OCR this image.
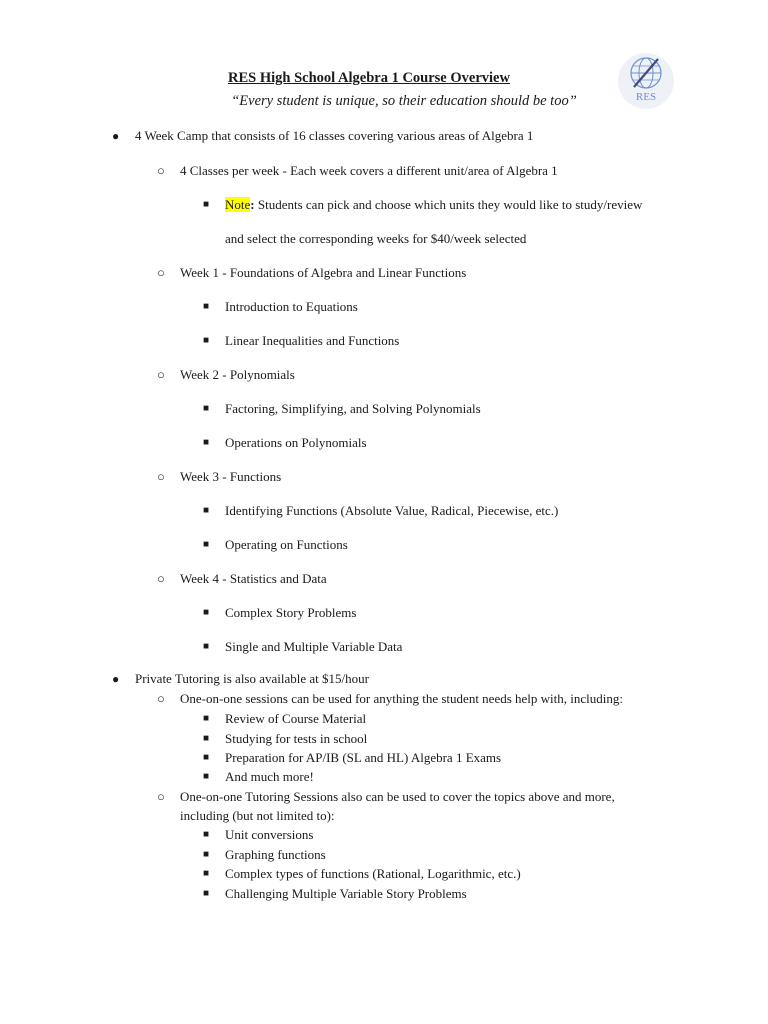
RES High School Algebra 1 Course Overview
“Every student is unique, so their education should be too”	RES
● 4 Week Camp that consists of 16 classes covering various areas of Algebra 1
○ 4 Classes per week - Each week covers a different unit/area of Algebra 1
■ Note: Students can pick and choose which units they would like to study/review
and select the corresponding weeks for $40/week selected
○ Week 1 - Foundations of Algebra and Linear Functions
■ Introduction to Equations
■ Linear Inequalities and Functions
○ Week 2 - Polynomials
■ Factoring, Simplifying, and Solving Polynomials
■ Operations on Polynomials
○ Week 3 - Functions
■ Identifying Functions (Absolute Value, Radical, Piecewise, etc.)
■ Operating on Functions
○ Week 4 - Statistics and Data
■ Complex Story Problems
■ Single and Multiple Variable Data
● Private Tutoring is also available at $15/hour
○ One-on-one sessions can be used for anything the student needs help with, including:
■ Review of Course Material
■ Studying for tests in school
■ Preparation for AP/IB (SL and HL) Algebra 1 Exams
■ And much more!
○ One-on-one Tutoring Sessions also can be used to cover the topics above and more,
including (but not limited to):
■ Unit conversions
■ Graphing functions
■ Complex types of functions (Rational, Logarithmic, etc.)
■ Challenging Multiple Variable Story Problems
